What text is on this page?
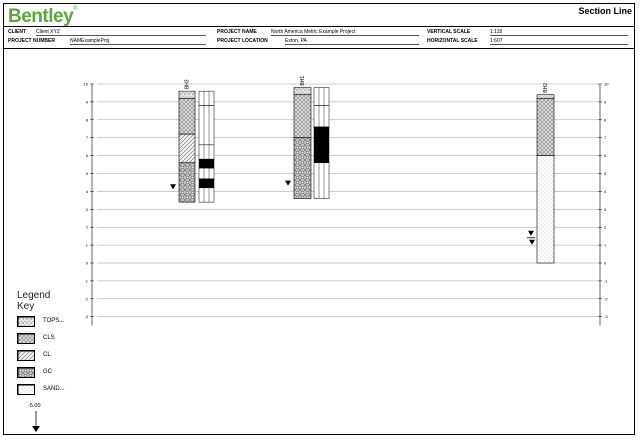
Bentley®	Section Line
CLIENT Client XYZ
PROJECT NUMBER	NAMExampleProj
PROJECT NAME	North America Metric Example Project
PROJECT LOCATION	Exton, PA
VERTICAL SCALE	1:118
HORIZONTAL SCALE 1:607
10	10
9	9
8	8
7	7
6	6
5	5
4	4
3	3
2	2
1	1
0	0
-1	-1
-2	-2
-3	-3
BH3	BH1
BH2
Legend
Key
TOPS...
CLS
CL
GC
SAND...
-5.00
